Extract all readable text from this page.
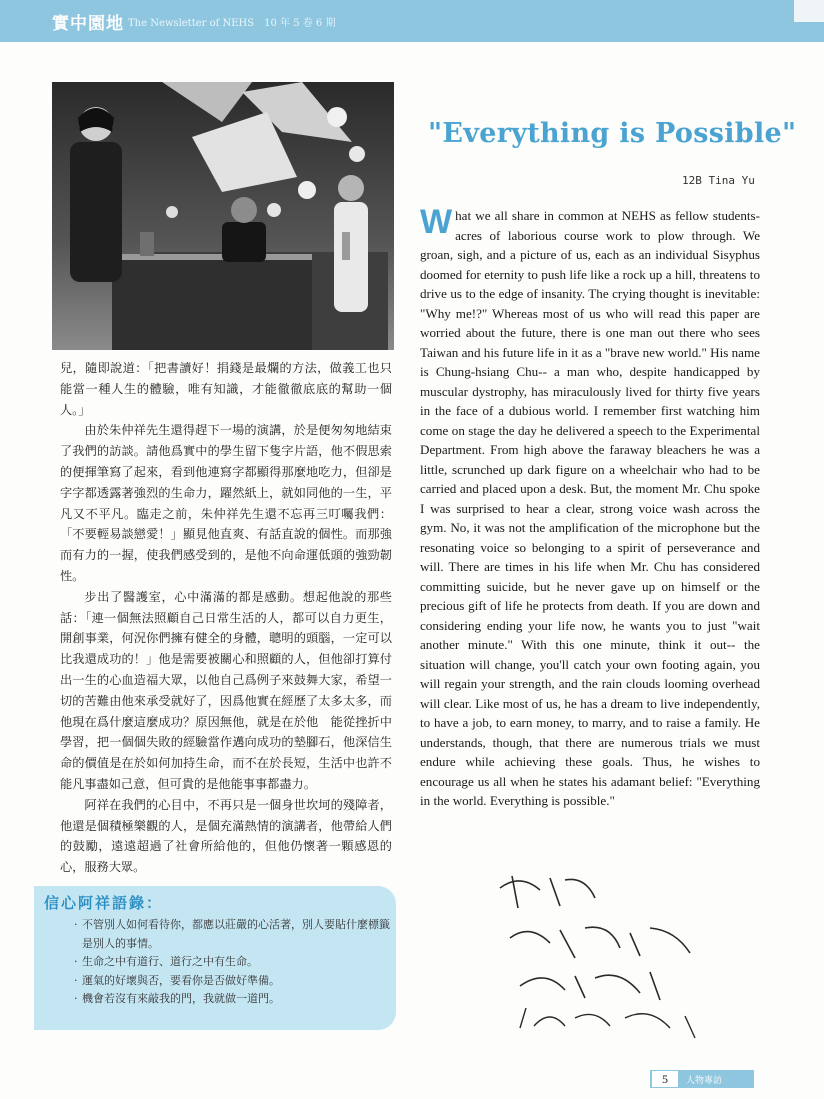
實中園地 The Newsletter of NEHS　10 年 5 卷 6 期

兒，隨即說道：「把書讀好！捐錢是最爛的方法，做義工也只能當一種人生的體驗，唯有知識，才能徹徹底底的幫助一個人。」

由於朱仲祥先生還得趕下一場的演講，於是便匆匆地結束了我們的訪談。請他爲實中的學生留下隻字片語，他不假思索的便揮筆寫了起來，看到他連寫字都顯得那麼地吃力，但卻是字字都透露著強烈的生命力，躍然紙上，就如同他的一生，平凡又不平凡。臨走之前，朱仲祥先生還不忘再三叮囑我們：「不要輕易談戀愛！」顯見他直爽、有話直說的個性。而那強而有力的一握，使我們感受到的，是他不向命運低頭的強勁韌性。

步出了醫護室，心中滿滿的都是感動。想起他說的那些話：「連一個無法照顧自己日常生活的人，都可以自力更生，開創事業，何況你們擁有健全的身體，聰明的頭腦，一定可以比我還成功的！」他是需要被關心和照顧的人，但他卻打算付出一生的心血造福大眾，以他自己爲例子來鼓舞大家，希望一切的苦難由他來承受就好了，因爲他實在經歷了太多太多，而他現在爲什麼這麼成功？原因無他，就是在於他　能從挫折中學習，把一個個失敗的經驗當作邁向成功的墊腳石，他深信生命的價值是在於如何加持生命，而不在於長短，生活中也許不能凡事盡如己意，但可貴的是他能事事都盡力。

阿祥在我們的心目中，不再只是一個身世坎坷的殘障者，他還是個積極樂觀的人，是個充滿熱情的演講者，他帶給人們的鼓勵，遠遠超過了社會所給他的，但他仍懷著一顆感恩的心，服務大眾。

信心阿祥語錄：
· 不管別人如何看待你，都應以莊嚴的心活著，別人要貼什麼標籤是別人的事情。
· 生命之中有道行、道行之中有生命。
· 運氣的好壞與否，要看你是否做好準備。
· 機會若沒有來敲我的門，我就做一道門。
"Everything is Possible"
12B Tina Yu

What we all share in common at NEHS as fellow students- acres of laborious course work to plow through. We groan, sigh, and a picture of us, each as an individual Sisyphus doomed for eternity to push life like a rock up a hill, threatens to drive us to the edge of insanity. The crying thought is inevitable: "Why me!?" Whereas most of us who will read this paper are worried about the future, there is one man out there who sees Taiwan and his future life in it as a "brave new world." His name is Chung-hsiang Chu-- a man who, despite handicapped by muscular dystrophy, has miraculously lived for thirty five years in the face of a dubious world. I remember first watching him come on stage the day he delivered a speech to the Experimental Department. From high above the faraway bleachers he was a little, scrunched up dark figure on a wheelchair who had to be carried and placed upon a desk. But, the moment Mr. Chu spoke I was surprised to hear a clear, strong voice wash across the gym. No, it was not the amplification of the microphone but the resonating voice so belonging to a spirit of perseverance and will. There are times in his life when Mr. Chu has considered committing suicide, but he never gave up on himself or the precious gift of life he protects from death. If you are down and considering ending your life now, he wants you to just "wait another minute." With this one minute, think it out-- the situation will change, you'll catch your own footing again, you will regain your strength, and the rain clouds looming overhead will clear. Like most of us, he has a dream to live independently, to have a job, to earn money, to marry, and to raise a family. He understands, though, that there are numerous trials we must endure while achieving these goals. Thus, he wishes to encourage us all when he states his adamant belief: "Everything in the world. Everything is possible."

5	人物專訪
